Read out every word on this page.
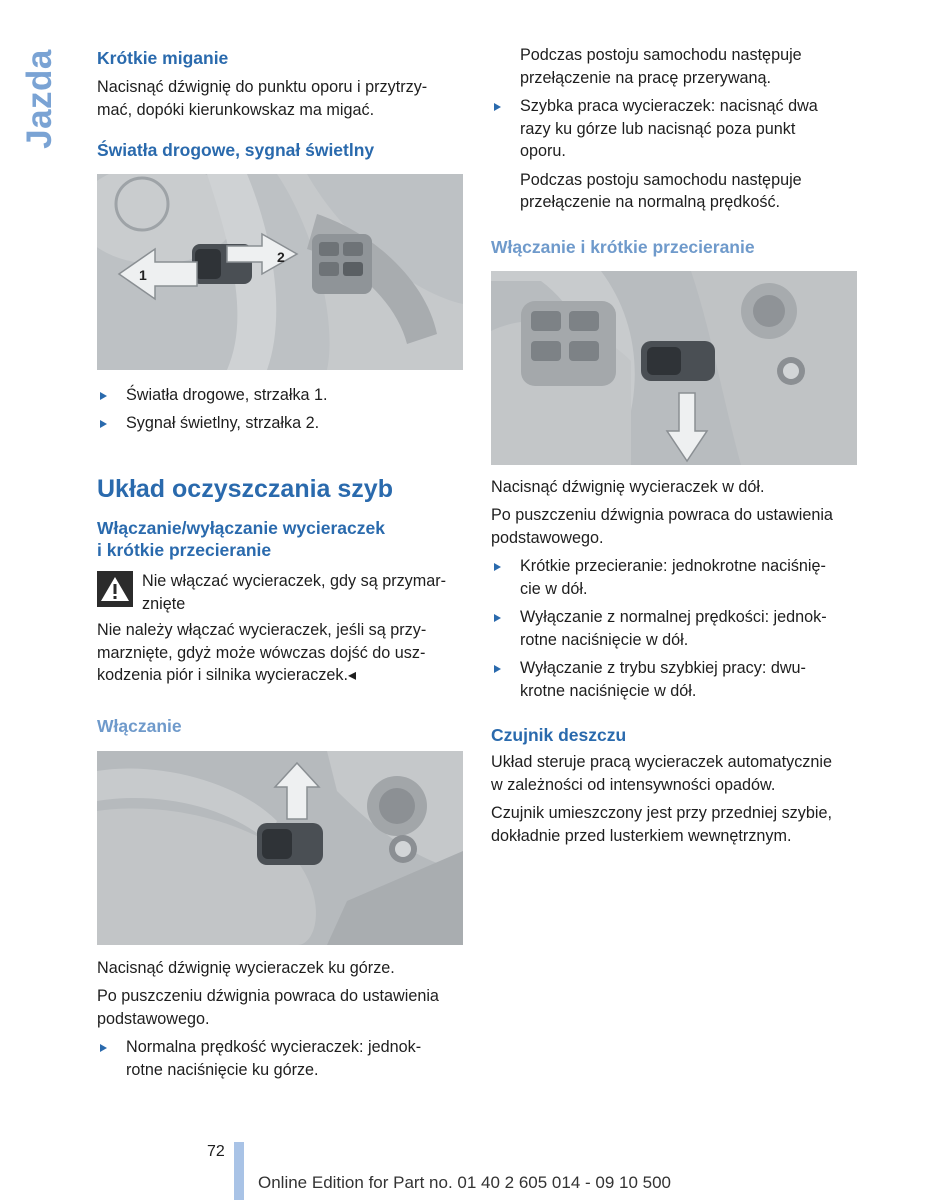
Jazda Krótkie miganie
Nacisnąć dźwignię do punktu oporu i przytrzy-
mać, dopóki kierunkowskaz ma migać.
Światła drogowe, sygnał świetlny
1
2
Światła drogowe, strzałka 1.
Sygnał świetlny, strzałka 2.
Układ oczyszczania szyb
Włączanie/wyłączanie wycieraczek
i krótkie przecieranie
Nie włączać wycieraczek, gdy są przymar-
znięte
Nie należy włączać wycieraczek, jeśli są przy-
marznięte, gdyż może wówczas dojść do usz-
kodzenia piór i silnika wycieraczek.◂
Włączanie
Nacisnąć dźwignię wycieraczek ku górze.
Po puszczeniu dźwignia powraca do ustawienia
podstawowego.
Normalna prędkość wycieraczek: jednok-
rotne naciśnięcie ku górze.
Podczas postoju samochodu następuje
przełączenie na pracę przerywaną.
Szybka praca wycieraczek: nacisnąć dwa
razy ku górze lub nacisnąć poza punkt
oporu.
Podczas postoju samochodu następuje
przełączenie na normalną prędkość.
Włączanie i krótkie przecieranie
Nacisnąć dźwignię wycieraczek w dół.
Po puszczeniu dźwignia powraca do ustawienia
podstawowego.
Krótkie przecieranie: jednokrotne naciśnię-
cie w dół.
Wyłączanie z normalnej prędkości: jednok-
rotne naciśnięcie w dół.
Wyłączanie z trybu szybkiej pracy: dwu-
krotne naciśnięcie w dół.
Czujnik deszczu
Układ steruje pracą wycieraczek automatycznie
w zależności od intensywności opadów.
Czujnik umieszczony jest przy przedniej szybie,
dokładnie przed lusterkiem wewnętrznym.
72
Online Edition for Part no. 01 40 2 605 014 - 09 10 500
